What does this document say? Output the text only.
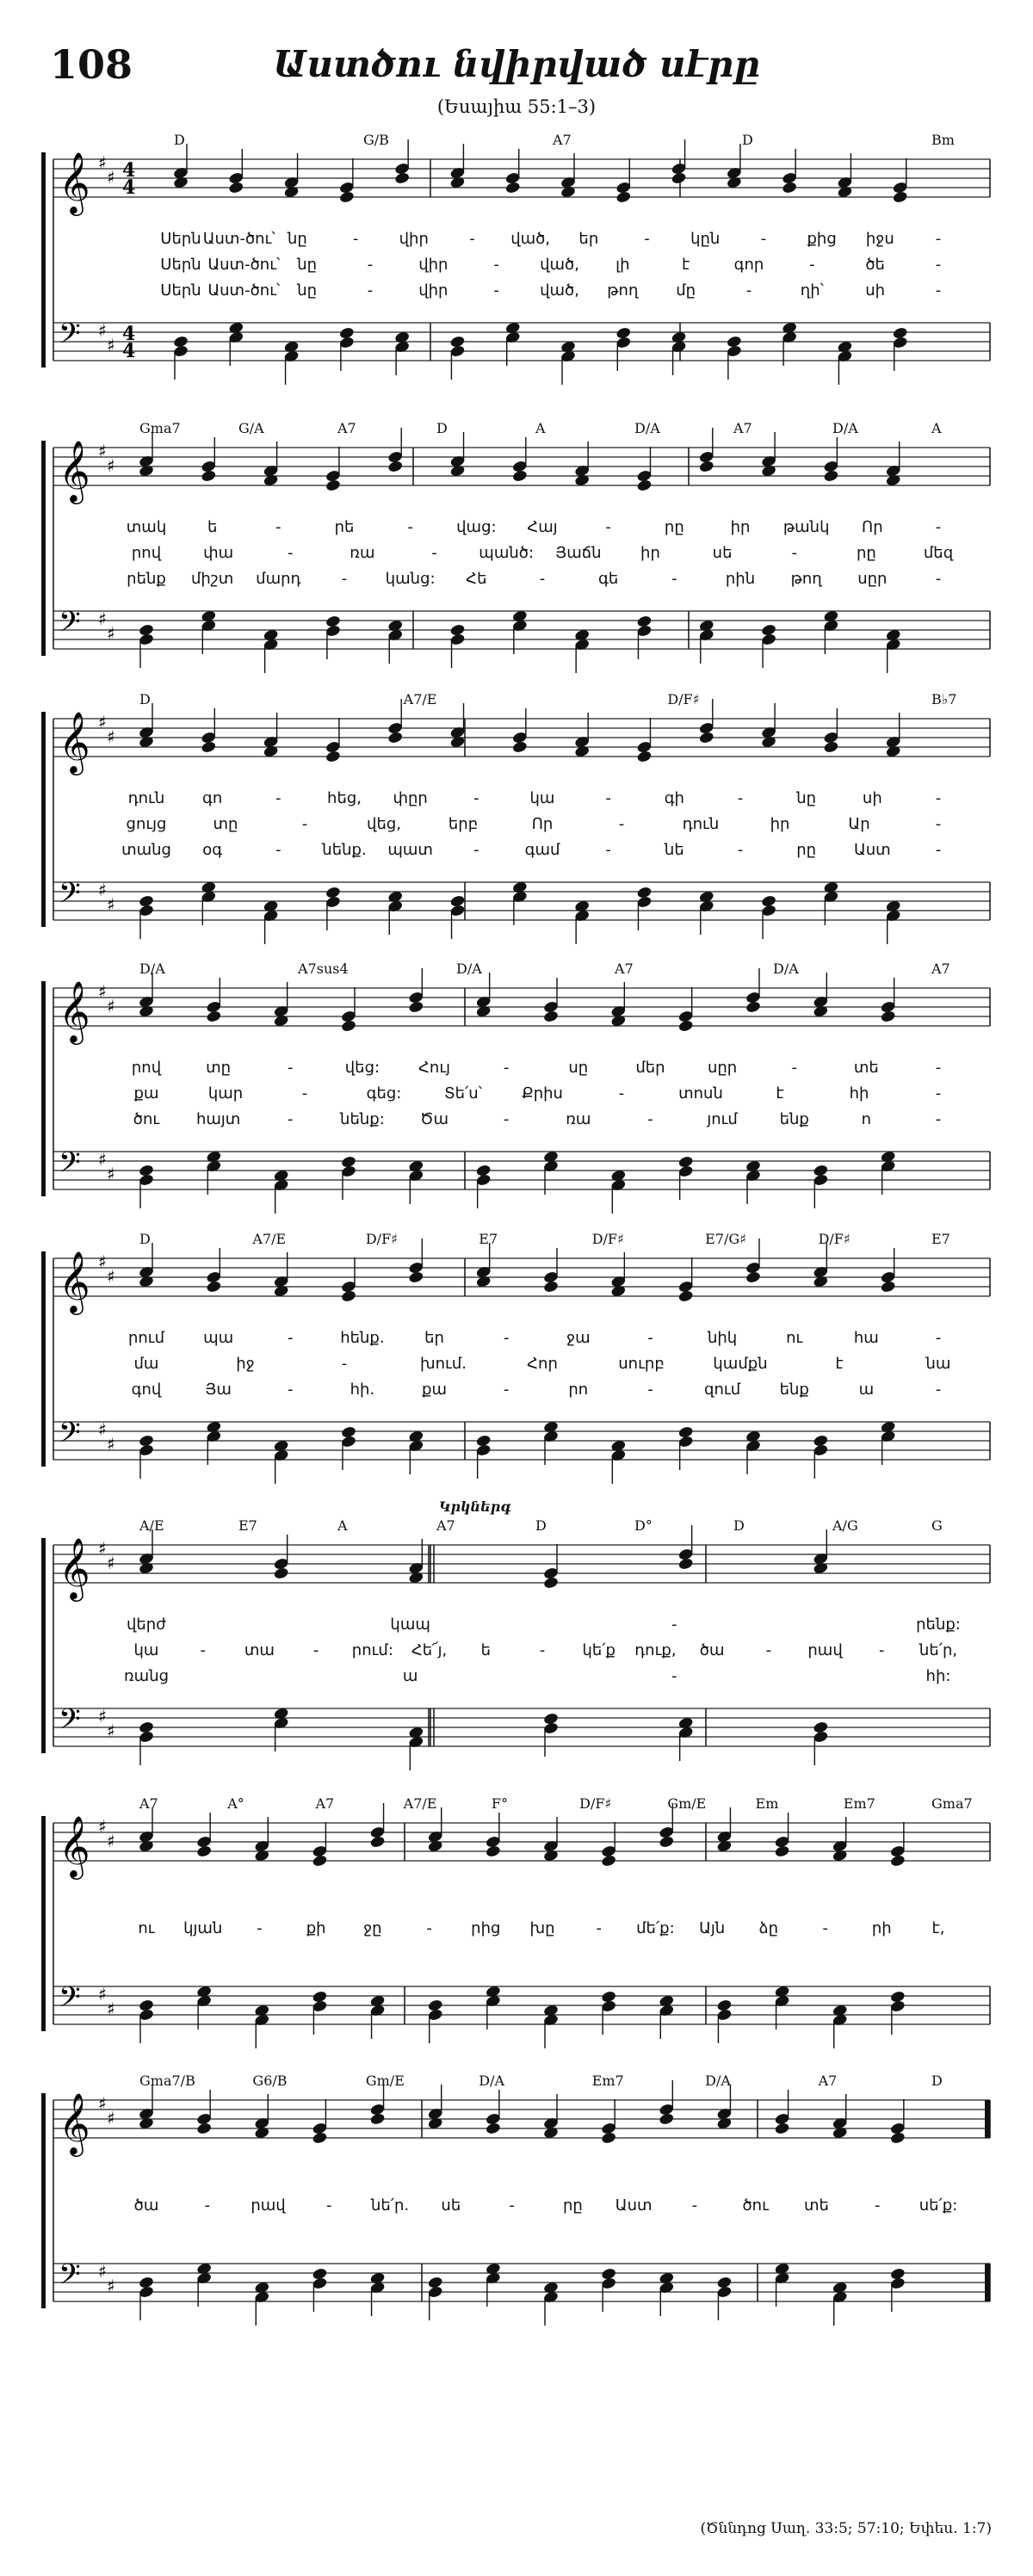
108	Աստծու նվիրված սէրը
(Եսայիա 55:1–3)
𝄞
𝄢
♯
♯
♯
♯
4
4
4
4
D	G/B	A7	D	Bm
Սերն Աստ-ծու՝ նը	-	վիր	- ված, եր	-	կըն	-	քից իջս	-
Սերն Աստ-ծու՝ նը	-	վիր	-	ված, լի	է	գոր	-	ծե	-
Սերն Աստ-ծու՝ նը	-	վիր	-	ված, թող մը	-	ղի՝	սի	-
𝄞
𝄢
♯
♯
♯
♯
Gma7	G/A	A7	D	A	D/A	A7	D/A	A
տակ	ե	-	րե	-	վաց: Հայ	-	րը	իր թանկ Որ	-
րով	փա	-	ռա	-	պանծ: Յաճն	իր	սե	-	րը	մեզ
րենք միշտ մարդ	- կանց: Հե	-	գե	-	րին թող սըր	-
𝄞
𝄢
♯
♯
♯
♯
D	A7/E	D/F♯	B♭7
դուն գո	-	հեց, փըր	-	կա	-	գի	-	նը	սի	-
ցույց	տը	-	վեց,	երբ	Որ	-	դուն	իր	Ար	-
տանց օգ	-	նենք. պատ	-	գամ	-	նե	-	րը Աստ	-
𝄞
𝄢
♯
♯
♯
♯
D/A	A7sus4	D/A	A7	D/A	A7
րով	տը	-	վեց: Հույ	-	սը	մեր	սըր	-	տե	-
քա	կար	-	գեց:	Տե՛ս՝	Քրիս	-	տոսն	է	հի	-
ծու հայտ	-	նենք: Ծա	-	ռա	-	յում	ենք	ո	-
𝄞
𝄢
♯
♯
♯
♯
D	A7/E	D/F♯	E7	D/F♯	E7/G♯	D/F♯	E7
րում	պա	-	հենք.	եր	-	ջա	-	նիկ	ու	հա	-
մա	իջ	-	խում.	Հոր	սուրբ	կամքն	է	նա
գով	Յա	-	հի.	քա	-	րո	-	զում	ենք	ա	-
𝄞
𝄢
♯
♯
♯
♯
A/E	E7	A	A7	D	D°	D	A/G	G
Կրկներգ
վերժ	կապ	-	րենք:
կա	- տա - րում: Հե՜յ, ե	- կե՛ք դուք, ծա	- րավ - նե՛ր,
ռանց	ա	-	հի:
𝄞
𝄢
♯
♯
♯
♯
A7	A°	A7	A7/E	F°	D/F♯	Gm/E	Em	Em7	Gma7
ու կյան -	քի ջը	-	րից խը	- մե՛ք: Այն ձը	-	րի	է,
𝄞
𝄢
♯
♯
♯
♯
Gma7/B	G6/B	Gm/E	D/A	Em7	D/A	A7	D
ծա	-	րավ	-	նե՛ր. սե	-	րը Աստ	-	ծու տե	-	սե՛ք:
(Ծննդոց Սաղ. 33:5; 57:10; Եփես. 1:7)
